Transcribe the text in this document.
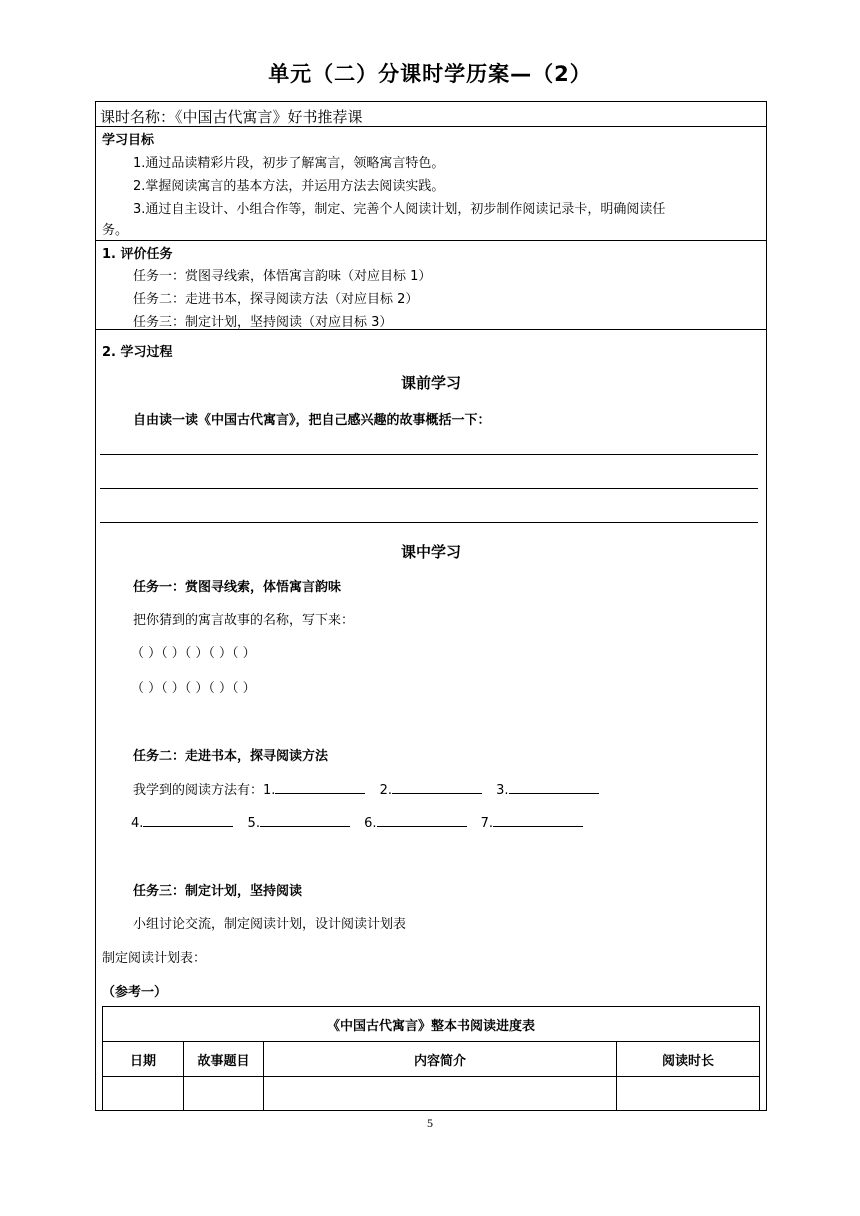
单元（二）分课时学历案—（2）
课时名称：《中国古代寓言》好书推荐课
学习目标
1.通过品读精彩片段，初步了解寓言，领略寓言特色。
2.掌握阅读寓言的基本方法，并运用方法去阅读实践。
3.通过自主设计、小组合作等，制定、完善个人阅读计划，初步制作阅读记录卡，明确阅读任
务。
1. 评价任务
任务一：赏图寻线索，体悟寓言韵味（对应目标 1）
任务二：走进书本，探寻阅读方法（对应目标 2）
任务三：制定计划，坚持阅读（对应目标 3）
2. 学习过程
课前学习
自由读一读《中国古代寓言》，把自己感兴趣的故事概括一下：
课中学习
任务一：赏图寻线索，体悟寓言韵味
把你猜到的寓言故事的名称，写下来：
（ ）（ ）（ ）（ ）（ ）
（ ）（ ）（ ）（ ）（ ）
任务二：走进书本，探寻阅读方法
我学到的阅读方法有：1.	2.	3.
4.	5.	6.	7.
任务三：制定计划，坚持阅读
小组讨论交流，制定阅读计划，设计阅读计划表
制定阅读计划表：
（参考一）
《中国古代寓言》整本书阅读进度表			
日期	故事题目	内容简介	阅读时长

5
